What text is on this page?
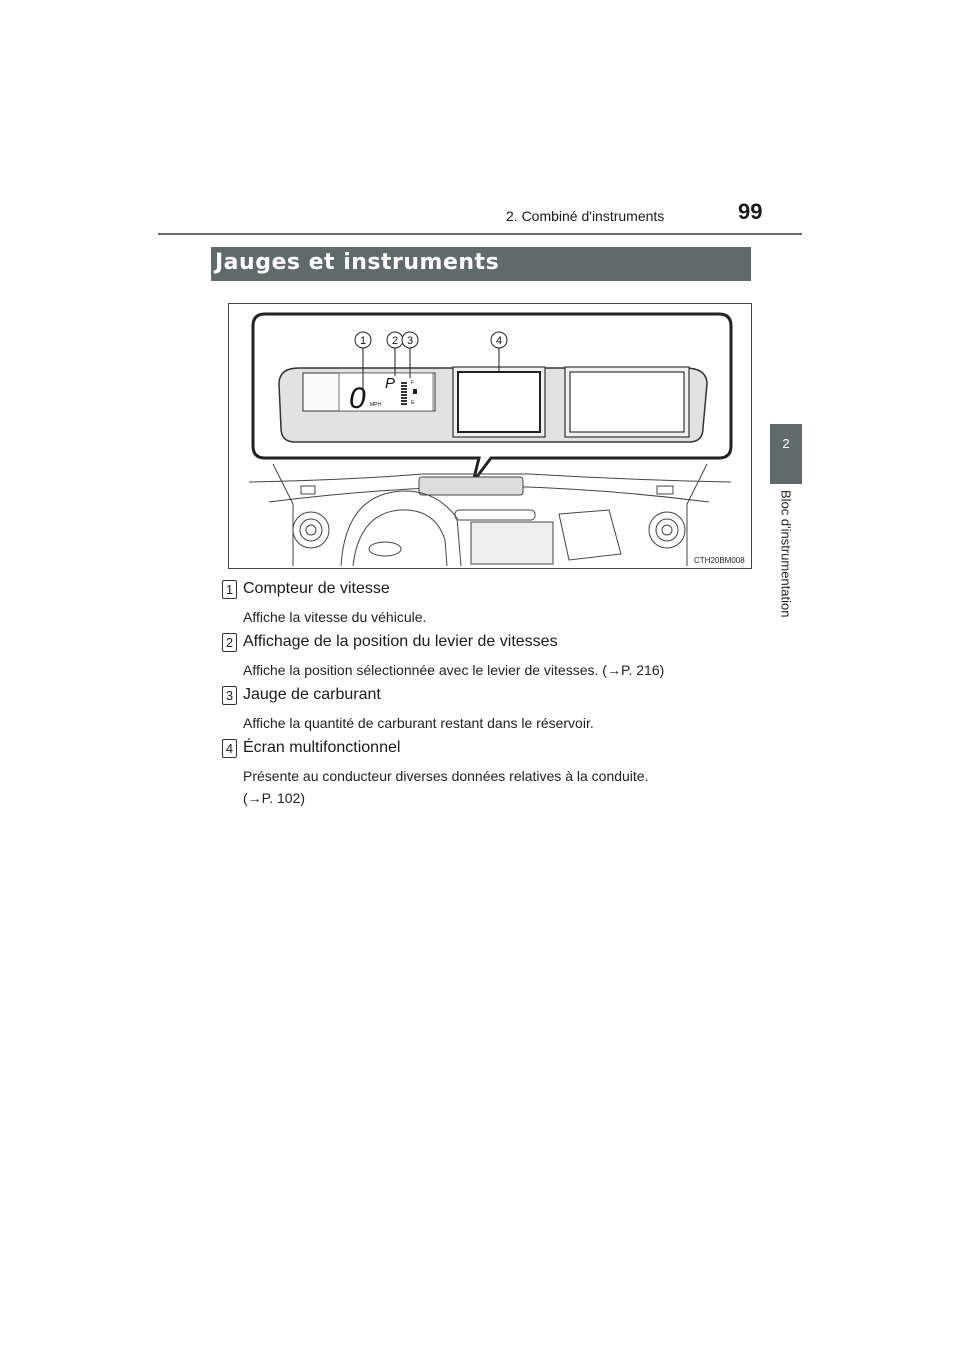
2. Combiné d'instruments	99
2
Bloc d'instrumentation
Jauges et instruments
0 MPH
P	F
E
1 2 3	4
CTH20BM008
1 Compteur de vitesse
Affiche la vitesse du véhicule.
2 Affichage de la position du levier de vitesses
Affiche la position sélectionnée avec le levier de vitesses. (→P. 216)
3 Jauge de carburant
Affiche la quantité de carburant restant dans le réservoir.
4 Écran multifonctionnel
Présente au conducteur diverses données relatives à la conduite.
(→P. 102)
